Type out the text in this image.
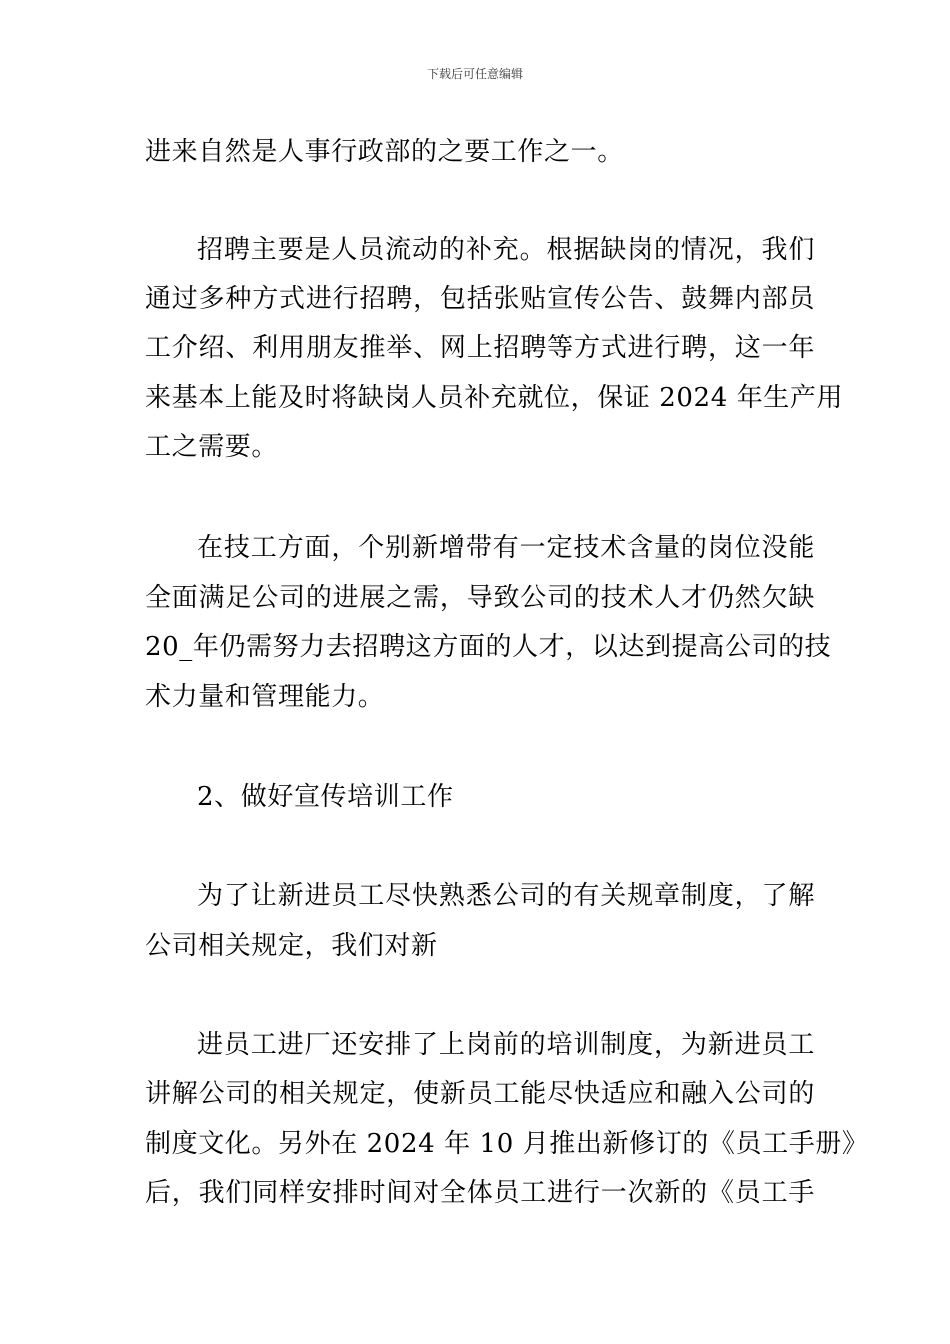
下载后可任意编辑
进来自然是人事行政部的之要工作之一。
招聘主要是人员流动的补充。根据缺岗的情况，我们
通过多种方式进行招聘，包括张贴宣传公告、鼓舞内部员
工介绍、利用朋友推举、网上招聘等方式进行聘，这一年
来基本上能及时将缺岗人员补充就位，保证 2024 年生产用
工之需要。
在技工方面，个别新增带有一定技术含量的岗位没能
全面满足公司的进展之需，导致公司的技术人才仍然欠缺
20_年仍需努力去招聘这方面的人才，以达到提高公司的技
术力量和管理能力。
2、做好宣传培训工作
为了让新进员工尽快熟悉公司的有关规章制度，了解
公司相关规定，我们对新
进员工进厂还安排了上岗前的培训制度，为新进员工
讲解公司的相关规定，使新员工能尽快适应和融入公司的
制度文化。另外在 2024 年 10 月推出新修订的《员工手册》
后，我们同样安排时间对全体员工进行一次新的《员工手
